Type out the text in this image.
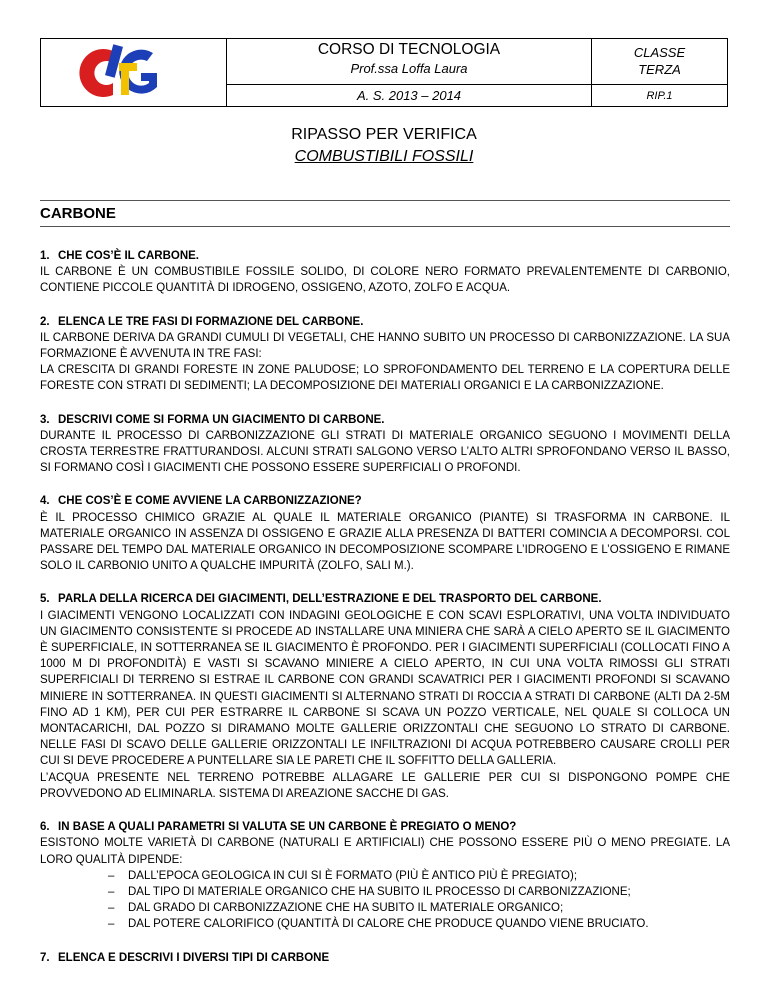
CORSO DI TECNOLOGIA
Prof.ssa Loffa Laura
A. S. 2013 – 2014
CLASSE
TERZA
RIP.1
RIPASSO PER VERIFICA
COMBUSTIBILI FOSSILI
CARBONE

1. CHE COS’È IL CARBONE.

IL CARBONE È UN COMBUSTIBILE FOSSILE SOLIDO, DI COLORE NERO FORMATO PREVALENTEMENTE DI CARBONIO, CONTIENE PICCOLE QUANTITÀ DI IDROGENO, OSSIGENO, AZOTO, ZOLFO E ACQUA.

2. ELENCA LE TRE FASI DI FORMAZIONE DEL CARBONE.

IL CARBONE DERIVA DA GRANDI CUMULI DI VEGETALI, CHE HANNO SUBITO UN PROCESSO DI CARBONIZZAZIONE. LA SUA FORMAZIONE È AVVENUTA IN TRE FASI:

LA CRESCITA DI GRANDI FORESTE IN ZONE PALUDOSE; LO SPROFONDAMENTO DEL TERRENO E LA COPERTURA DELLE FORESTE CON STRATI DI SEDIMENTI; LA DECOMPOSIZIONE DEI MATERIALI ORGANICI E LA CARBONIZZAZIONE.

3. DESCRIVI COME SI FORMA UN GIACIMENTO DI CARBONE.

DURANTE IL PROCESSO DI CARBONIZZAZIONE GLI STRATI DI MATERIALE ORGANICO SEGUONO I MOVIMENTI DELLA CROSTA TERRESTRE FRATTURANDOSI. ALCUNI STRATI SALGONO VERSO L’ALTO ALTRI SPROFONDANO VERSO IL BASSO, SI FORMANO COSÌ I GIACIMENTI CHE POSSONO ESSERE SUPERFICIALI O PROFONDI.

4. CHE COS’È E COME AVVIENE LA CARBONIZZAZIONE?

È IL PROCESSO CHIMICO GRAZIE AL QUALE IL MATERIALE ORGANICO (PIANTE) SI TRASFORMA IN CARBONE. IL MATERIALE ORGANICO IN ASSENZA DI OSSIGENO E GRAZIE ALLA PRESENZA DI BATTERI COMINCIA A DECOMPORSI. COL PASSARE DEL TEMPO DAL MATERIALE ORGANICO IN DECOMPOSIZIONE SCOMPARE L’IDROGENO E L’OSSIGENO E RIMANE SOLO IL CARBONIO UNITO A QUALCHE IMPURITÀ (ZOLFO, SALI M.).

5. PARLA DELLA RICERCA DEI GIACIMENTI, DELL’ESTRAZIONE E DEL TRASPORTO DEL CARBONE.

I GIACIMENTI VENGONO LOCALIZZATI CON INDAGINI GEOLOGICHE E CON SCAVI ESPLORATIVI, UNA VOLTA INDIVIDUATO UN GIACIMENTO CONSISTENTE SI PROCEDE AD INSTALLARE UNA MINIERA CHE SARÀ A CIELO APERTO SE IL GIACIMENTO È SUPERFICIALE, IN SOTTERRANEA SE IL GIACIMENTO È PROFONDO. PER I GIACIMENTI SUPERFICIALI (COLLOCATI FINO A 1000 M DI PROFONDITÀ) E VASTI SI SCAVANO MINIERE A CIELO APERTO, IN CUI UNA VOLTA RIMOSSI GLI STRATI SUPERFICIALI DI TERRENO SI ESTRAE IL CARBONE CON GRANDI SCAVATRICI PER I GIACIMENTI PROFONDI SI SCAVANO MINIERE IN SOTTERRANEA. IN QUESTI GIACIMENTI SI ALTERNANO STRATI DI ROCCIA A STRATI DI CARBONE (ALTI DA 2-5M FINO AD 1 KM), PER CUI PER ESTRARRE IL CARBONE SI SCAVA UN POZZO VERTICALE, NEL QUALE SI COLLOCA UN MONTACARICHI, DAL POZZO SI DIRAMANO MOLTE GALLERIE ORIZZONTALI CHE SEGUONO LO STRATO DI CARBONE. NELLE FASI DI SCAVO DELLE GALLERIE ORIZZONTALI LE INFILTRAZIONI DI ACQUA POTREBBERO CAUSARE CROLLI PER CUI SI DEVE PROCEDERE A PUNTELLARE SIA LE PARETI CHE IL SOFFITTO DELLA GALLERIA.

L’ACQUA PRESENTE NEL TERRENO POTREBBE ALLAGARE LE GALLERIE PER CUI SI DISPONGONO POMPE CHE PROVVEDONO AD ELIMINARLA. SISTEMA DI AREAZIONE SACCHE DI GAS.

6. IN BASE A QUALI PARAMETRI SI VALUTA SE UN CARBONE È PREGIATO O MENO?

ESISTONO MOLTE VARIETÀ DI CARBONE (NATURALI E ARTIFICIALI) CHE POSSONO ESSERE PIÙ O MENO PREGIATE. LA LORO QUALITÀ DIPENDE:

– DALL’EPOCA GEOLOGICA IN CUI SI È FORMATO (PIÙ È ANTICO PIÙ È PREGIATO);
– DAL TIPO DI MATERIALE ORGANICO CHE HA SUBITO IL PROCESSO DI CARBONIZZAZIONE;
– DAL GRADO DI CARBONIZZAZIONE CHE HA SUBITO IL MATERIALE ORGANICO;
– DAL POTERE CALORIFICO (QUANTITÀ DI CALORE CHE PRODUCE QUANDO VIENE BRUCIATO.

7. ELENCA E DESCRIVI I DIVERSI TIPI DI CARBONE
